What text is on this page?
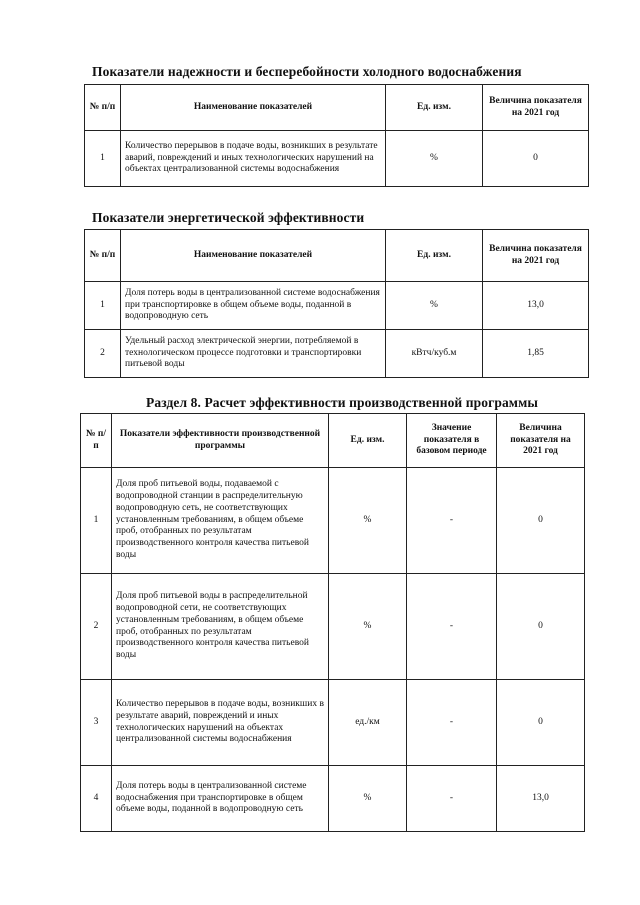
Показатели надежности и бесперебойности холодного водоснабжения
№ п/п	Наименование показателей	Ед. изм.	Величина показателя на 2021 год
1	Количество перерывов в подаче воды, возникших в результате аварий, повреждений и иных технологических нарушений на объектах централизованной системы водоснабжения	%	0
Показатели энергетической эффективности
№ п/п	Наименование показателей	Ед. изм.	Величина показателя на 2021 год
1	Доля потерь воды в централизованной системе водоснабжения при транспортировке в общем объеме воды, поданной в водопроводную сеть	%	13,0
2	Удельный расход электрической энергии, потребляемой в технологическом процессе подготовки и транспортировки питьевой воды	кВтч/куб.м	1,85
Раздел 8. Расчет эффективности производственной программы
№ п/п	Показатели эффективности производственной программы	Ед. изм.	Значение показателя в базовом периоде	Величина показателя на 2021 год
1	Доля проб питьевой воды, подаваемой с водопроводной станции в распределительную водопроводную сеть, не соответствующих установленным требованиям, в общем объеме проб, отобранных по результатам производственного контроля качества питьевой воды	%	-	0
2	Доля проб питьевой воды в распределительной водопроводной сети, не соответствующих установленным требованиям, в общем объеме проб, отобранных по результатам производственного контроля качества питьевой воды	%	-	0
3	Количество перерывов в подаче воды, возникших в результате аварий, повреждений и иных технологических нарушений на объектах централизованной системы водоснабжения	ед./км	-	0
4	Доля потерь воды в централизованной системе водоснабжения при транспортировке в общем объеме воды, поданной в водопроводную сеть	%	-	13,0
